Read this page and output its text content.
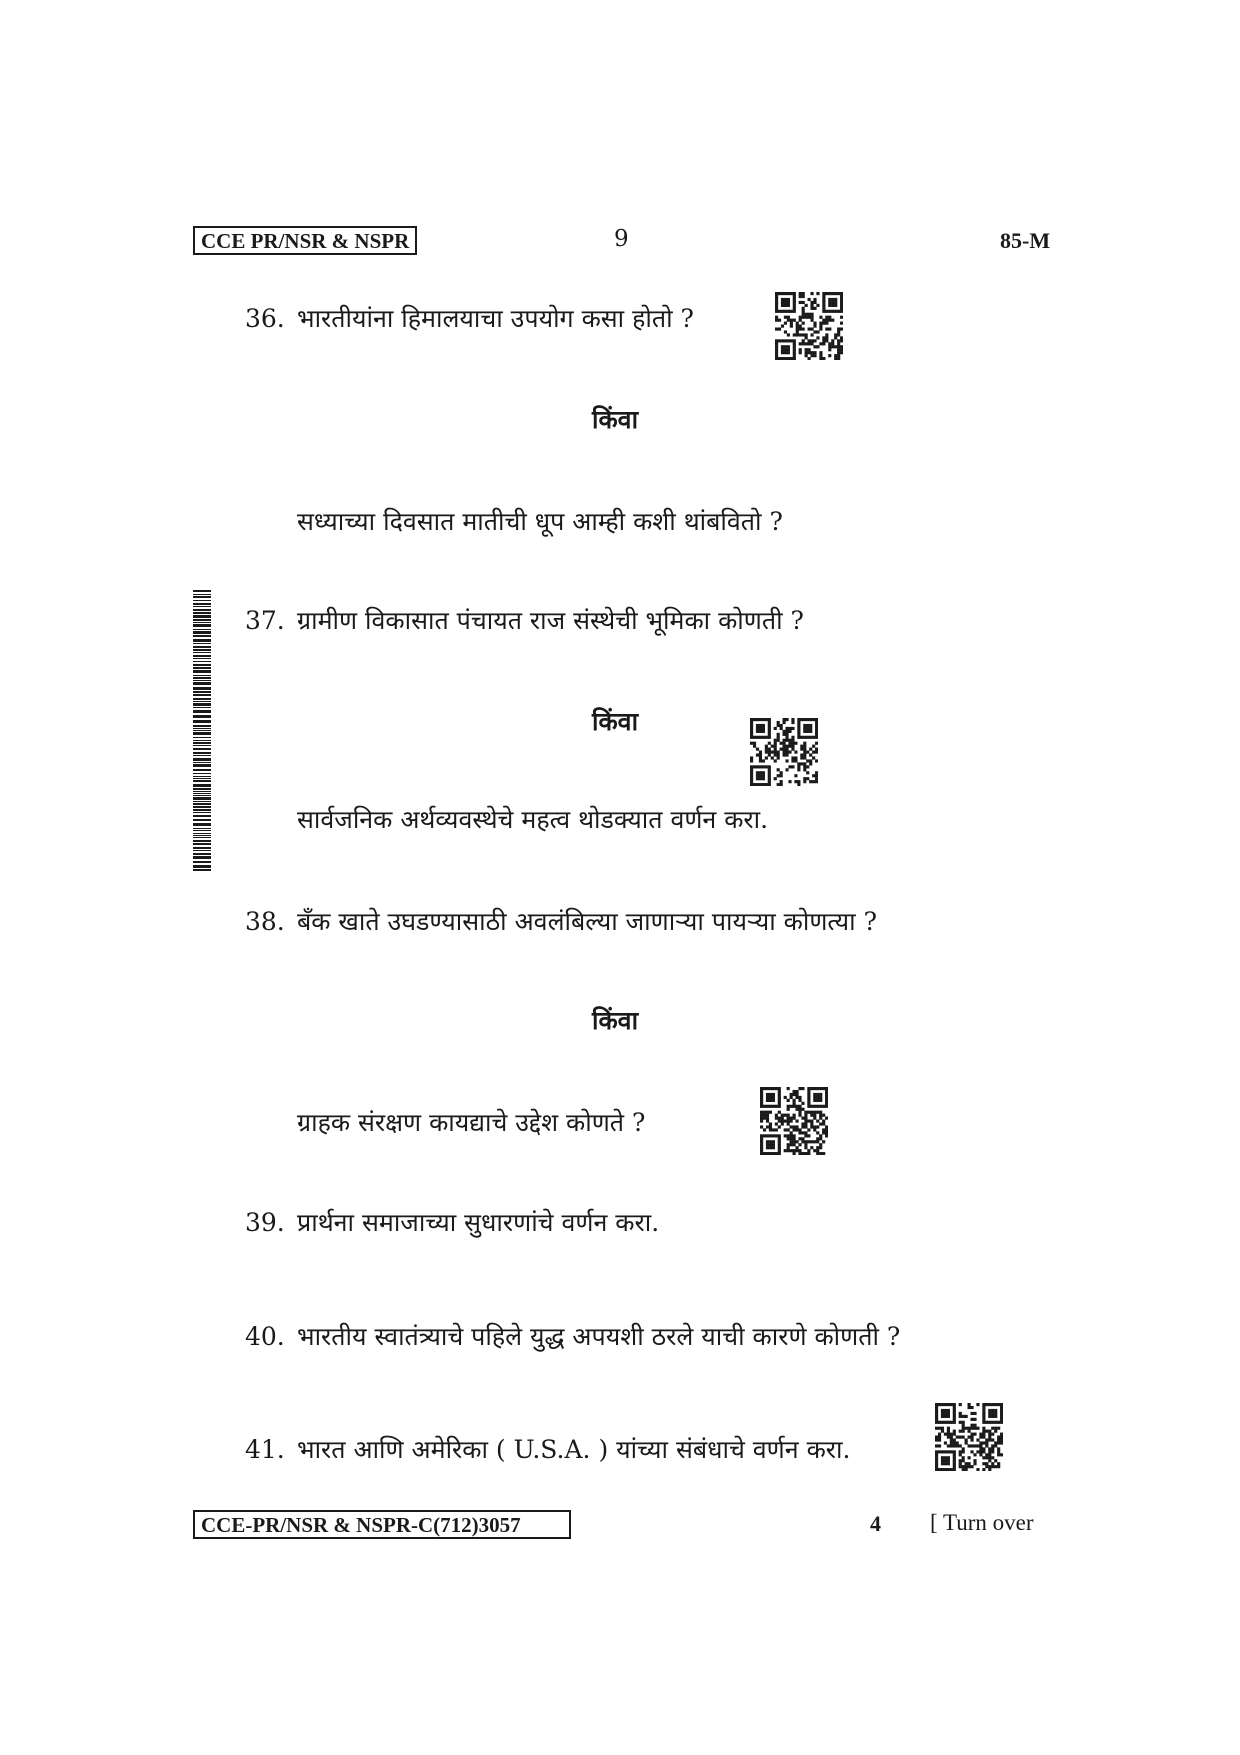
CCE PR/NSR & NSPR	9	85-M
36. भारतीयांना हिमालयाचा उपयोग कसा होतो ?
किंवा
सध्याच्या दिवसात मातीची धूप आम्ही कशी थांबवितो ?
37. ग्रामीण विकासात पंचायत राज संस्थेची भूमिका कोणती ?
किंवा
सार्वजनिक अर्थव्यवस्थेचे महत्व थोडक्यात वर्णन करा.
38. बँक खाते उघडण्यासाठी अवलंबिल्या जाणाऱ्या पायऱ्या कोणत्या ?
किंवा
ग्राहक संरक्षण कायद्याचे उद्देश कोणते ?
39. प्रार्थना समाजाच्या सुधारणांचे वर्णन करा.
40. भारतीय स्वातंत्र्याचे पहिले युद्ध अपयशी ठरले याची कारणे कोणती ?
41. भारत आणि अमेरिका ( U.S.A. ) यांच्या संबंधाचे वर्णन करा.
CCE-PR/NSR & NSPR-C(712)3057	4 [ Turn over
